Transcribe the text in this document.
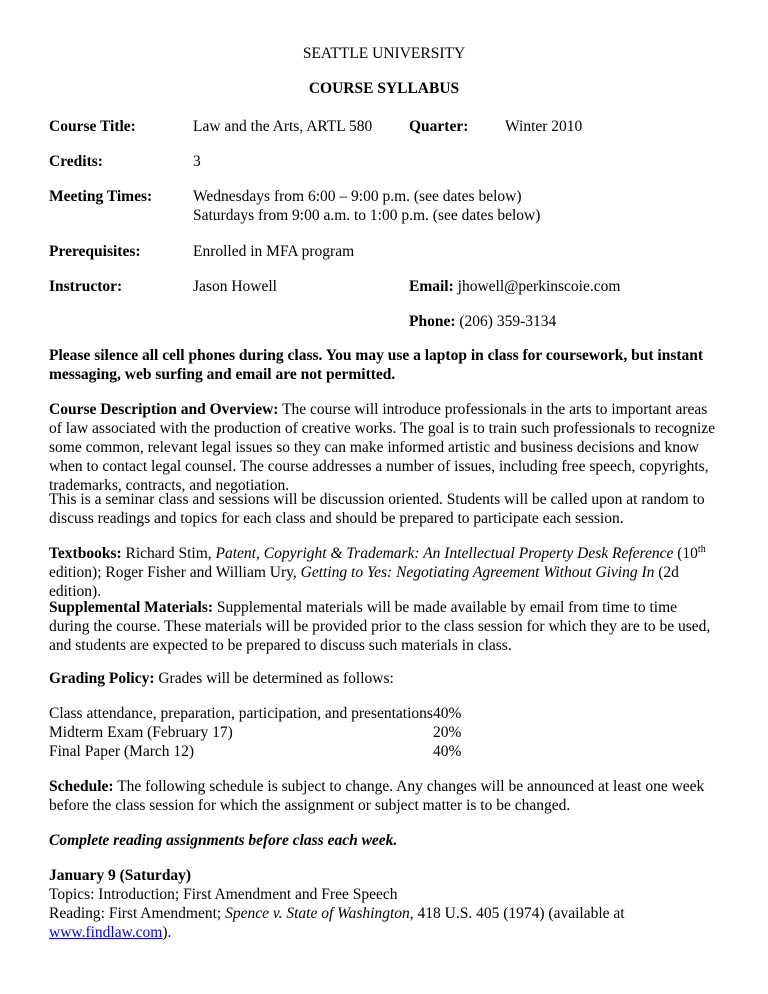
SEATTLE UNIVERSITY
COURSE SYLLABUS
Course Title:	Law and the Arts, ARTL 580 Quarter: Winter 2010
Credits:	3
Meeting Times:	Wednesdays from 6:00 – 9:00 p.m. (see dates below)
Saturdays from 9:00 a.m. to 1:00 p.m. (see dates below)
Prerequisites:	Enrolled in MFA program
Instructor:	Jason Howell	Email: jhowell@perkinscoie.com
Phone: (206) 359-3134
Please silence all cell phones during class. You may use a laptop in class for coursework, but instant messaging, web surfing and email are not permitted.
Course Description and Overview: The course will introduce professionals in the arts to important areas of law associated with the production of creative works. The goal is to train such professionals to recognize some common, relevant legal issues so they can make informed artistic and business decisions and know when to contact legal counsel. The course addresses a number of issues, including free speech, copyrights, trademarks, contracts, and negotiation.
This is a seminar class and sessions will be discussion oriented. Students will be called upon at random to discuss readings and topics for each class and should be prepared to participate each session.
Textbooks: Richard Stim, Patent, Copyright & Trademark: An Intellectual Property Desk Reference (10th edition); Roger Fisher and William Ury, Getting to Yes: Negotiating Agreement Without Giving In (2d edition).
Supplemental Materials: Supplemental materials will be made available by email from time to time during the course. These materials will be provided prior to the class session for which they are to be used, and students are expected to be prepared to discuss such materials in class.
Grading Policy: Grades will be determined as follows:
Class attendance, preparation, participation, and presentations 40%
Midterm Exam (February 17)	20%
Final Paper (March 12)	40%
Schedule: The following schedule is subject to change. Any changes will be announced at least one week before the class session for which the assignment or subject matter is to be changed.
Complete reading assignments before class each week.
January 9 (Saturday)
Topics: Introduction; First Amendment and Free Speech
Reading: First Amendment; Spence v. State of Washington, 418 U.S. 405 (1974) (available at www.findlaw.com).
